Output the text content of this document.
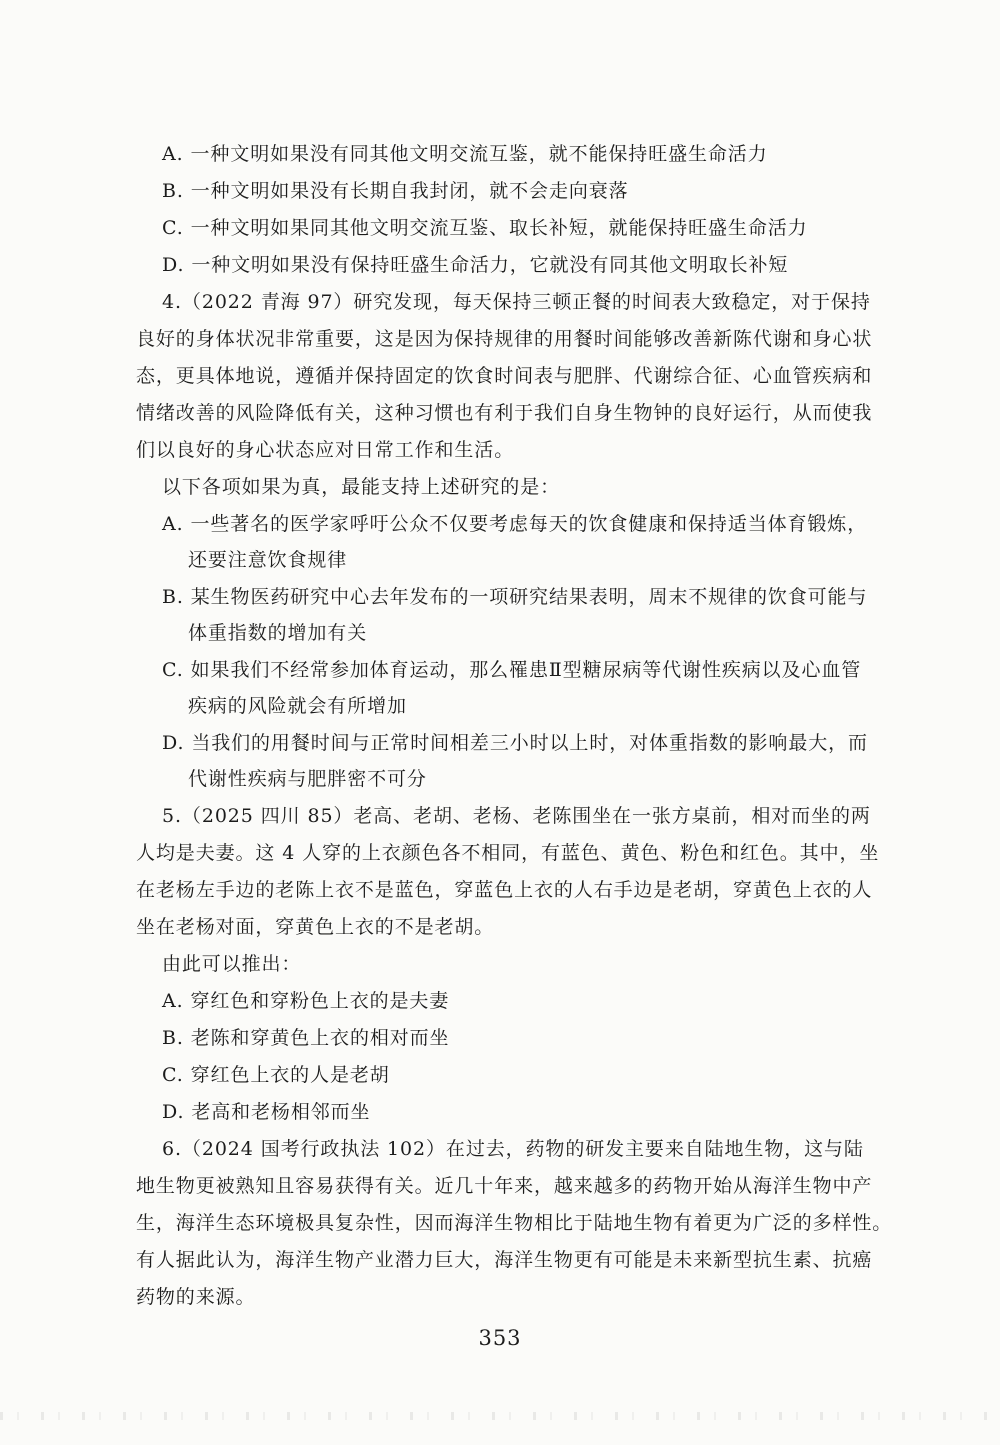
A. 一种文明如果没有同其他文明交流互鉴，就不能保持旺盛生命活力
B. 一种文明如果没有长期自我封闭，就不会走向衰落
C. 一种文明如果同其他文明交流互鉴、取长补短，就能保持旺盛生命活力
D. 一种文明如果没有保持旺盛生命活力，它就没有同其他文明取长补短
4.（2022 青海 97）研究发现，每天保持三顿正餐的时间表大致稳定，对于保持
良好的身体状况非常重要，这是因为保持规律的用餐时间能够改善新陈代谢和身心状
态，更具体地说，遵循并保持固定的饮食时间表与肥胖、代谢综合征、心血管疾病和
情绪改善的风险降低有关，这种习惯也有利于我们自身生物钟的良好运行，从而使我
们以良好的身心状态应对日常工作和生活。
以下各项如果为真，最能支持上述研究的是：
A. 一些著名的医学家呼吁公众不仅要考虑每天的饮食健康和保持适当体育锻炼，
还要注意饮食规律
B. 某生物医药研究中心去年发布的一项研究结果表明，周末不规律的饮食可能与
体重指数的增加有关
C. 如果我们不经常参加体育运动，那么罹患Ⅱ型糖尿病等代谢性疾病以及心血管
疾病的风险就会有所增加
D. 当我们的用餐时间与正常时间相差三小时以上时，对体重指数的影响最大，而
代谢性疾病与肥胖密不可分
5.（2025 四川 85）老高、老胡、老杨、老陈围坐在一张方桌前，相对而坐的两
人均是夫妻。这 4 人穿的上衣颜色各不相同，有蓝色、黄色、粉色和红色。其中，坐
在老杨左手边的老陈上衣不是蓝色，穿蓝色上衣的人右手边是老胡，穿黄色上衣的人
坐在老杨对面，穿黄色上衣的不是老胡。
由此可以推出：
A. 穿红色和穿粉色上衣的是夫妻
B. 老陈和穿黄色上衣的相对而坐
C. 穿红色上衣的人是老胡
D. 老高和老杨相邻而坐
6.（2024 国考行政执法 102）在过去，药物的研发主要来自陆地生物，这与陆
地生物更被熟知且容易获得有关。近几十年来，越来越多的药物开始从海洋生物中产
生，海洋生态环境极具复杂性，因而海洋生物相比于陆地生物有着更为广泛的多样性。
有人据此认为，海洋生物产业潜力巨大，海洋生物更有可能是未来新型抗生素、抗癌
药物的来源。
353
